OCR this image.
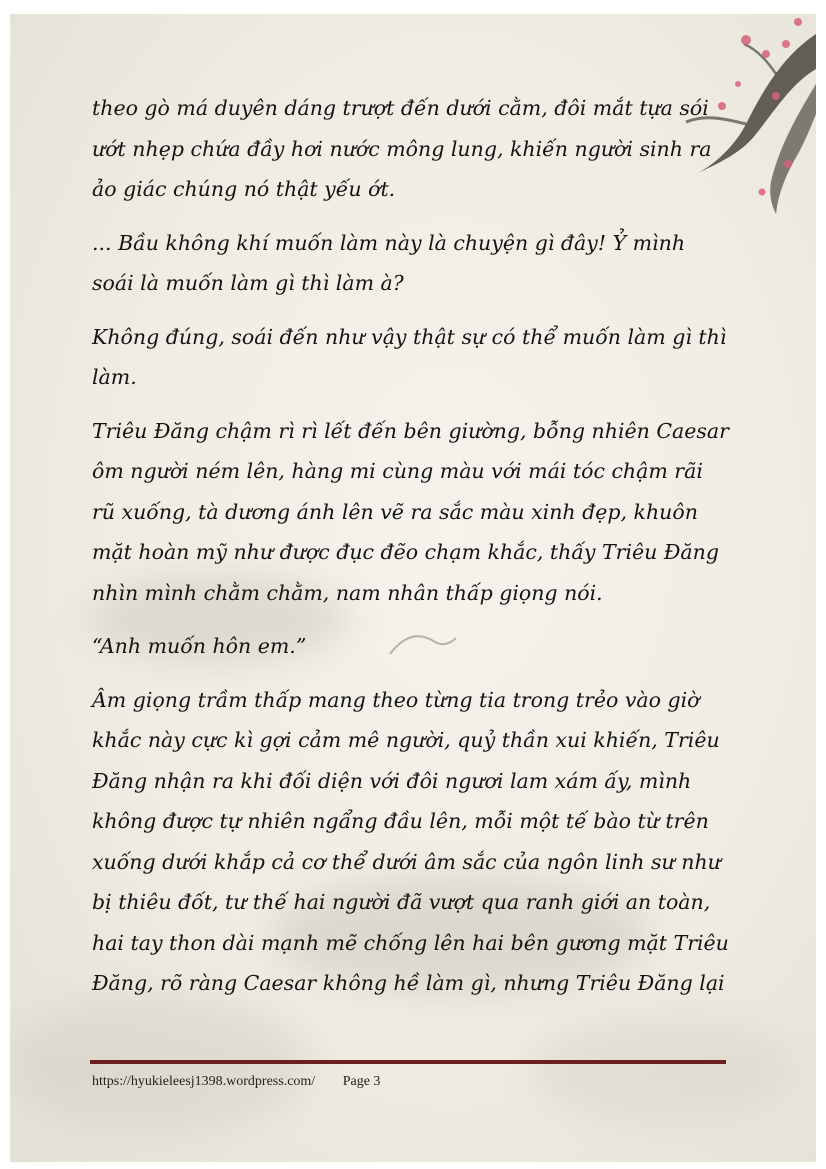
theo gò má duyên dáng trượt đến dưới cằm, đôi mắt tựa sói ướt nhẹp chứa đầy hơi nước mông lung, khiến người sinh ra ảo giác chúng nó thật yếu ớt.

... Bầu không khí muốn làm này là chuyện gì đây! Ỷ mình soái là muốn làm gì thì làm à?

Không đúng, soái đến như vậy thật sự có thể muốn làm gì thì làm.

Triêu Đăng chậm rì rì lết đến bên giường, bỗng nhiên Caesar ôm người ném lên, hàng mi cùng màu với mái tóc chậm rãi rũ xuống, tà dương ánh lên vẽ ra sắc màu xinh đẹp, khuôn mặt hoàn mỹ như được đục đẽo chạm khắc, thấy Triêu Đăng nhìn mình chằm chằm, nam nhân thấp giọng nói.

“Anh muốn hôn em.”

Âm giọng trầm thấp mang theo từng tia trong trẻo vào giờ khắc này cực kì gợi cảm mê người, quỷ thần xui khiến, Triêu Đăng nhận ra khi đối diện với đôi ngươi lam xám ấy, mình không được tự nhiên ngẩng đầu lên, mỗi một tế bào từ trên xuống dưới khắp cả cơ thể dưới âm sắc của ngôn linh sư như bị thiêu đốt, tư thế hai người đã vượt qua ranh giới an toàn, hai tay thon dài mạnh mẽ chống lên hai bên gương mặt Triêu Đăng, rõ ràng Caesar không hề làm gì, nhưng Triêu Đăng lại

https://hyukieleesj1398.wordpress.com/ Page 3
